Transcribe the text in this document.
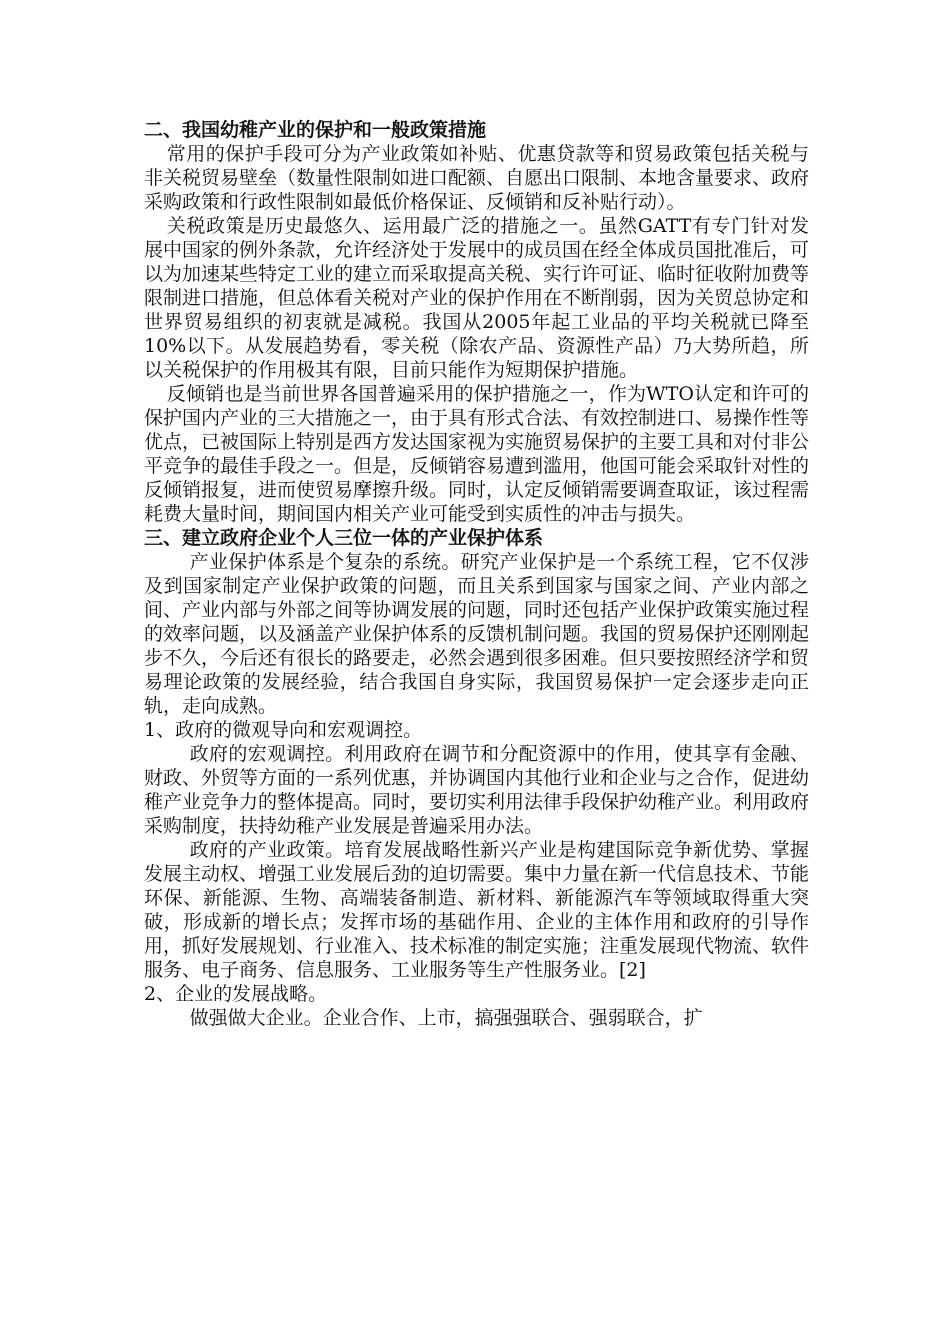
二、我国幼稚产业的保护和一般政策措施

常用的保护手段可分为产业政策如补贴、优惠贷款等和贸易政策包括关税与非关税贸易壁垒（数量性限制如进口配额、自愿出口限制、本地含量要求、政府采购政策和行政性限制如最低价格保证、反倾销和反补贴行动）。

关税政策是历史最悠久、运用最广泛的措施之一。虽然GATT有专门针对发展中国家的例外条款，允许经济处于发展中的成员国在经全体成员国批准后，可以为加速某些特定工业的建立而采取提高关税、实行许可证、临时征收附加费等限制进口措施，但总体看关税对产业的保护作用在不断削弱，因为关贸总协定和世界贸易组织的初衷就是减税。我国从2005年起工业品的平均关税就已降至10%以下。从发展趋势看，零关税（除农产品、资源性产品）乃大势所趋，所以关税保护的作用极其有限，目前只能作为短期保护措施。

反倾销也是当前世界各国普遍采用的保护措施之一，作为WTO认定和许可的保护国内产业的三大措施之一，由于具有形式合法、有效控制进口、易操作性等优点，已被国际上特别是西方发达国家视为实施贸易保护的主要工具和对付非公平竞争的最佳手段之一。但是，反倾销容易遭到滥用，他国可能会采取针对性的反倾销报复，进而使贸易摩擦升级。同时，认定反倾销需要调查取证，该过程需耗费大量时间，期间国内相关产业可能受到实质性的冲击与损失。

三、建立政府企业个人三位一体的产业保护体系

产业保护体系是个复杂的系统。研究产业保护是一个系统工程，它不仅涉及到国家制定产业保护政策的问题，而且关系到国家与国家之间、产业内部之间、产业内部与外部之间等协调发展的问题，同时还包括产业保护政策实施过程的效率问题，以及涵盖产业保护体系的反馈机制问题。我国的贸易保护还刚刚起步不久，今后还有很长的路要走，必然会遇到很多困难。但只要按照经济学和贸易理论政策的发展经验，结合我国自身实际，我国贸易保护一定会逐步走向正轨，走向成熟。

1、政府的微观导向和宏观调控。

政府的宏观调控。利用政府在调节和分配资源中的作用，使其享有金融、财政、外贸等方面的一系列优惠，并协调国内其他行业和企业与之合作，促进幼稚产业竞争力的整体提高。同时，要切实利用法律手段保护幼稚产业。利用政府采购制度，扶持幼稚产业发展是普遍采用办法。

政府的产业政策。培育发展战略性新兴产业是构建国际竞争新优势、掌握发展主动权、增强工业发展后劲的迫切需要。集中力量在新一代信息技术、节能环保、新能源、生物、高端装备制造、新材料、新能源汽车等领域取得重大突破，形成新的增长点；发挥市场的基础作用、企业的主体作用和政府的引导作用，抓好发展规划、行业准入、技术标准的制定实施；注重发展现代物流、软件服务、电子商务、信息服务、工业服务等生产性服务业。[2]

2、企业的发展战略。

做强做大企业。企业合作、上市，搞强强联合、强弱联合，扩
